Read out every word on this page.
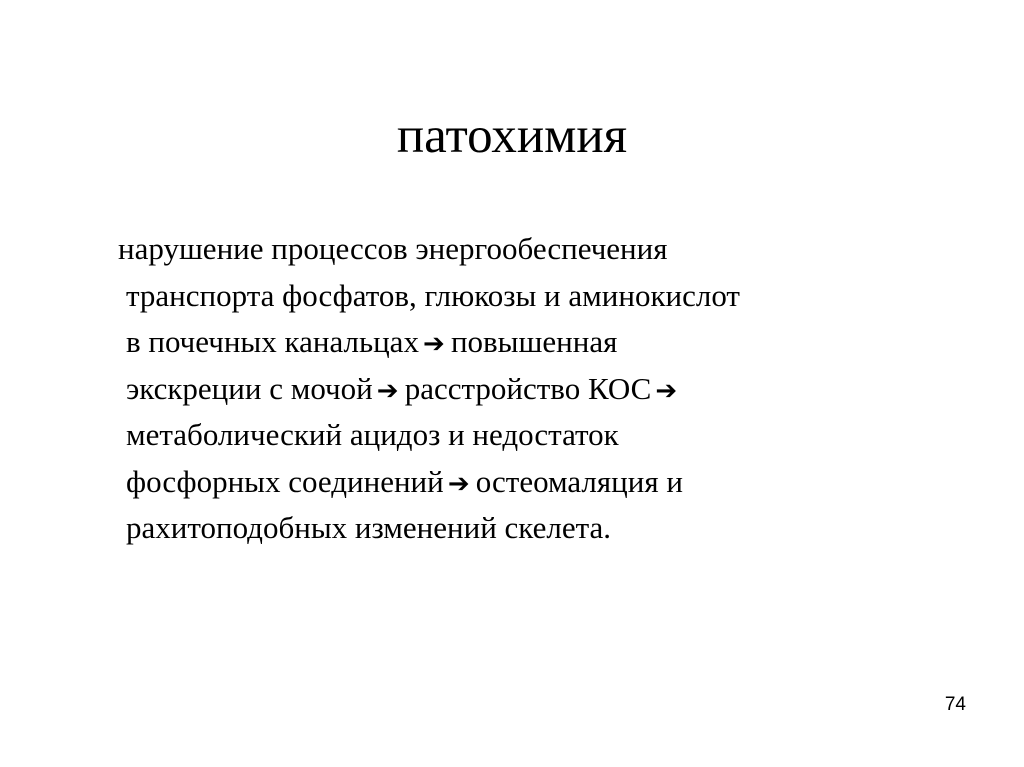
патохимия
нарушение процессов энергообеспечения
транспорта фосфатов, глюкозы и аминокислот
в почечных канальцах ➔ повышенная
экскреции с мочой ➔ расстройство КОС ➔
метаболический ацидоз и недостаток
фосфорных соединений ➔ остеомаляция и
рахитоподобных изменений скелета.
74
